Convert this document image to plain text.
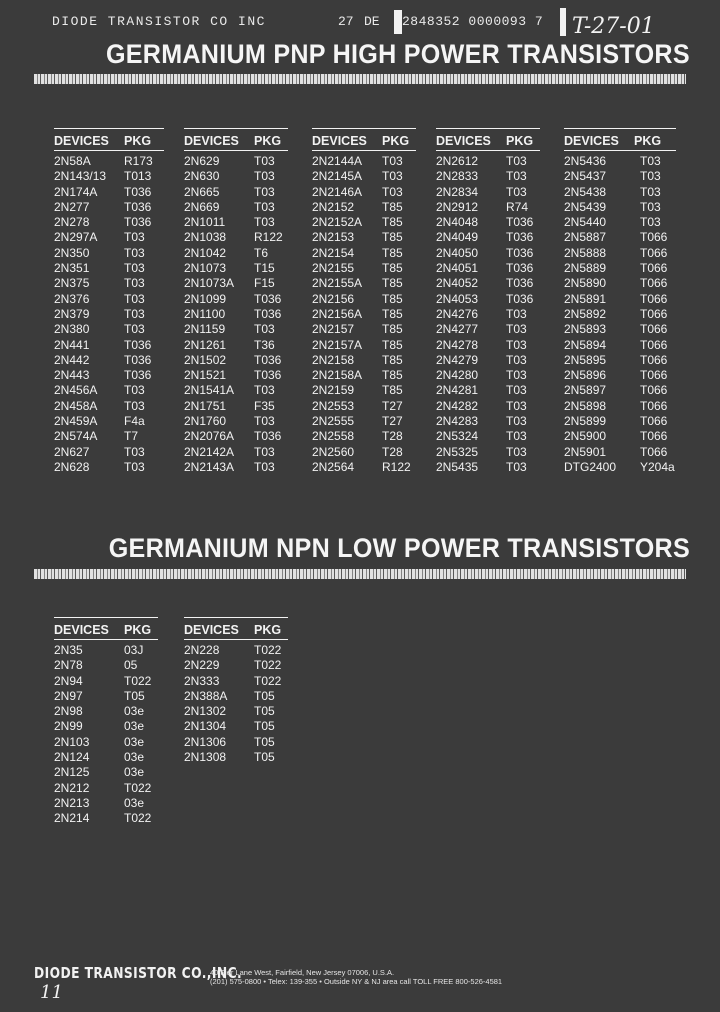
DIODE TRANSISTOR CO INC	27 DE 2848352 0000093 7 T-27-01
GERMANIUM PNP HIGH POWER TRANSISTORS
DEVICES	PKG
2N58A	R173
2N143/13	T013
2N174A	T036
2N277	T036
2N278	T036
2N297A	T03
2N350	T03
2N351	T03
2N375	T03
2N376	T03
2N379	T03
2N380	T03
2N441	T036
2N442	T036
2N443	T036
2N456A	T03
2N458A	T03
2N459A	F4a
2N574A	T7
2N627	T03
2N628	T03
DEVICES	PKG
2N629	T03
2N630	T03
2N665	T03
2N669	T03
2N1011	T03
2N1038	R122
2N1042	T6
2N1073	T15
2N1073A	F15
2N1099	T036
2N1100	T036
2N1159	T03
2N1261	T36
2N1502	T036
2N1521	T036
2N1541A	T03
2N1751	F35
2N1760	T03
2N2076A	T036
2N2142A	T03
2N2143A	T03
DEVICES	PKG
2N2144A	T03
2N2145A	T03
2N2146A	T03
2N2152	T85
2N2152A	T85
2N2153	T85
2N2154	T85
2N2155	T85
2N2155A	T85
2N2156	T85
2N2156A	T85
2N2157	T85
2N2157A	T85
2N2158	T85
2N2158A	T85
2N2159	T85
2N2553	T27
2N2555	T27
2N2558	T28
2N2560	T28
2N2564	R122
DEVICES	PKG
2N2612	T03
2N2833	T03
2N2834	T03
2N2912	R74
2N4048	T036
2N4049	T036
2N4050	T036
2N4051	T036
2N4052	T036
2N4053	T036
2N4276	T03
2N4277	T03
2N4278	T03
2N4279	T03
2N4280	T03
2N4281	T03
2N4282	T03
2N4283	T03
2N5324	T03
2N5325	T03
2N5435	T03
DEVICES	PKG
2N5436	T03
2N5437	T03
2N5438	T03
2N5439	T03
2N5440	T03
2N5887	T066
2N5888	T066
2N5889	T066
2N5890	T066
2N5891	T066
2N5892	T066
2N5893	T066
2N5894	T066
2N5895	T066
2N5896	T066
2N5897	T066
2N5898	T066
2N5899	T066
2N5900	T066
2N5901	T066
DTG2400	Y204a
GERMANIUM NPN LOW POWER TRANSISTORS
DEVICES	PKG
2N35	03J
2N78	05
2N94	T022
2N97	T05
2N98	03e
2N99	03e
2N103	03e
2N124	03e
2N125	03e
2N212	T022
2N213	03e
2N214	T022
DEVICES	PKG
2N228	T022
2N229	T022
2N333	T022
2N388A	T05
2N1302	T05
2N1304	T05
2N1306	T05
2N1308	T05
DIODE TRANSISTOR CO.,INC.
40 Fier Lane West, Fairfield, New Jersey 07006, U.S.A.
(201) 575-0800 • Telex: 139-355 • Outside NY & NJ area call TOLL FREE 800-526-4581
11
